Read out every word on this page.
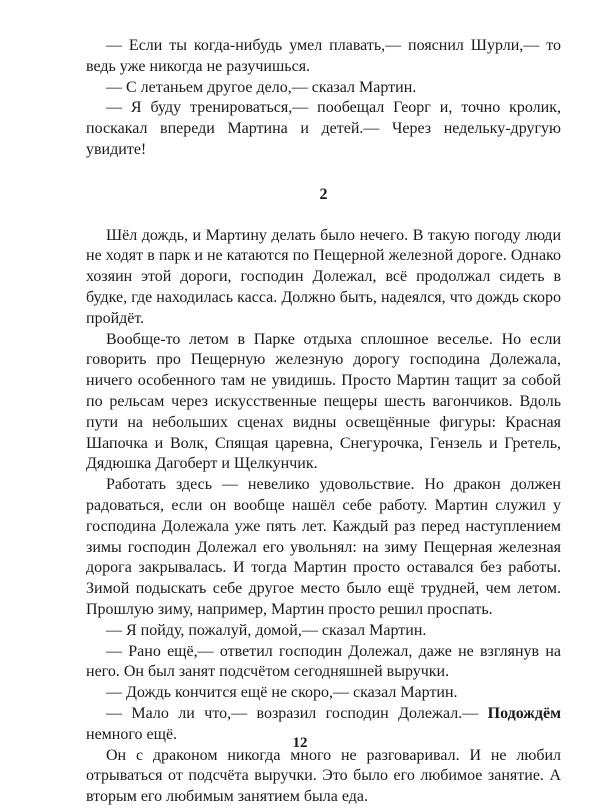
— Если ты когда-нибудь умел плавать,— пояснил Шурли,— то ведь уже никогда не разучишься.

— С летаньем другое дело,— сказал Мартин.

— Я буду тренироваться,— пообещал Георг и, точно кролик, поскакал впереди Мартина и детей.— Через недельку-другую увидите!

2

Шёл дождь, и Мартину делать было нечего. В такую погоду люди не ходят в парк и не катаются по Пещерной железной дороге. Однако хозяин этой дороги, господин Долежал, всё продолжал сидеть в будке, где находилась касса. Должно быть, надеялся, что дождь скоро пройдёт.

Вообще-то летом в Парке отдыха сплошное веселье. Но если говорить про Пещерную железную дорогу господина Долежала, ничего особенного там не увидишь. Просто Мартин тащит за собой по рельсам через искусственные пещеры шесть вагончиков. Вдоль пути на небольших сценах видны освещённые фигуры: Красная Шапочка и Волк, Спящая царевна, Снегурочка, Гензель и Гретель, Дядюшка Дагоберт и Щелкунчик.

Работать здесь — невелико удовольствие. Но дракон должен радоваться, если он вообще нашёл себе работу. Мартин служил у господина Долежала уже пять лет. Каждый раз перед наступлением зимы господин Долежал его увольнял: на зиму Пещерная железная дорога закрывалась. И тогда Мартин просто оставался без работы. Зимой подыскать себе другое место было ещё трудней, чем летом. Прошлую зиму, например, Мартин просто решил проспать.

— Я пойду, пожалуй, домой,— сказал Мартин.

— Рано ещё,— ответил господин Долежал, даже не взглянув на него. Он был занят подсчётом сегодняшней выручки.

— Дождь кончится ещё не скоро,— сказал Мартин.

— Мало ли что,— возразил господин Долежал.— Подождём немного ещё.

Он с драконом никогда много не разговаривал. И не любил отрываться от подсчёта выручки. Это было его любимое занятие. А вторым его любимым занятием была еда.

12
